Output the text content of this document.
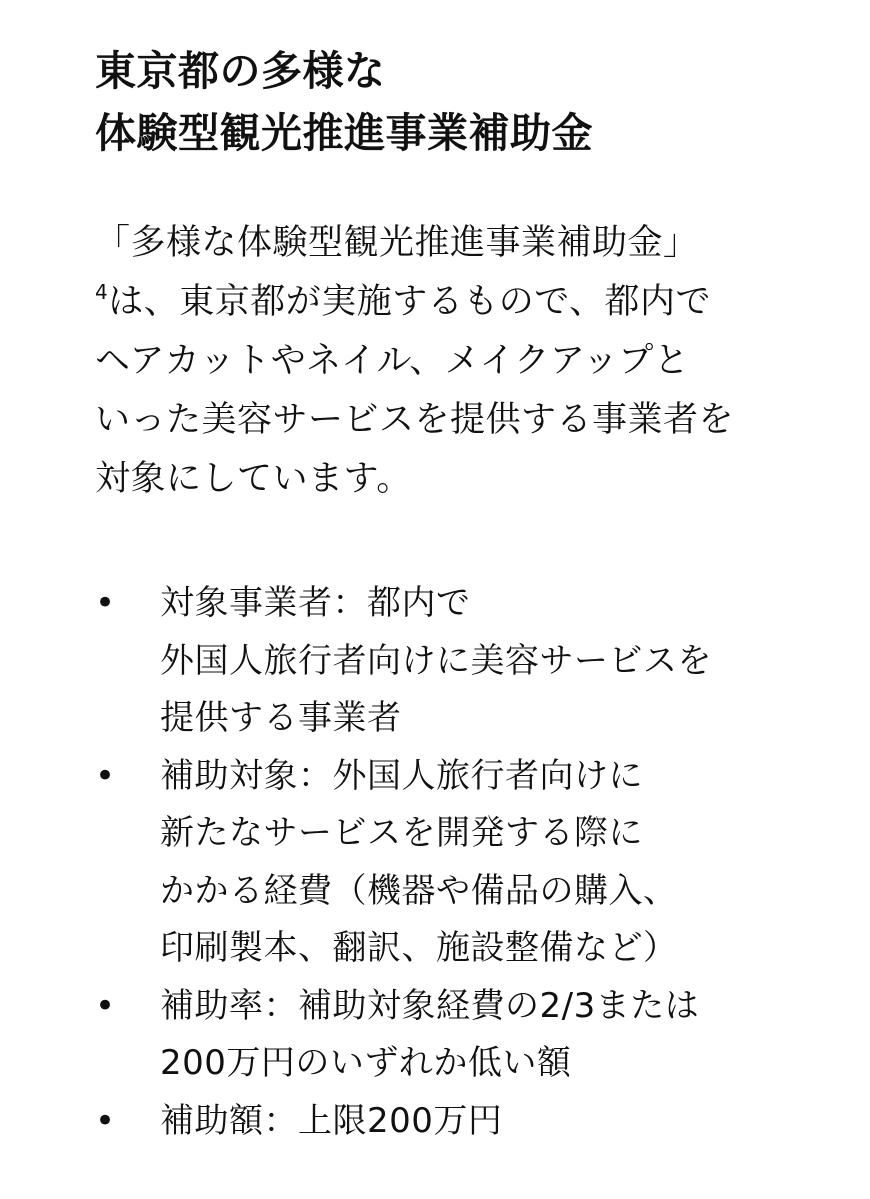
東京都の多様な
体験型観光推進事業補助金
「多様な体験型観光推進事業補助金」
$^4$は、東京都が実施するもので、都内で
ヘアカットやネイル、メイクアップと
いった美容サービスを提供する事業者を
対象にしています。
• 対象事業者：都内で
外国人旅行者向けに美容サービスを
提供する事業者
• 補助対象：外国人旅行者向けに
新たなサービスを開発する際に
かかる経費（機器や備品の購入、
印刷製本、翻訳、施設整備など）
• 補助率：補助対象経費の2/3または
200万円のいずれか低い額
• 補助額：上限200万円
